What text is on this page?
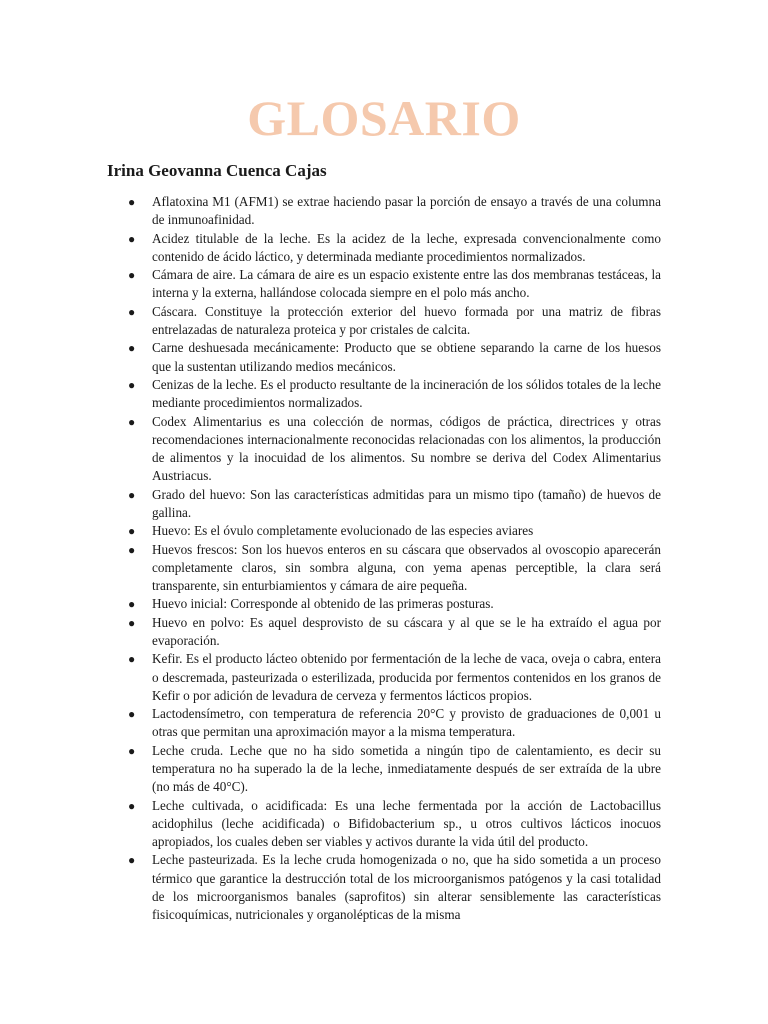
GLOSARIO
Irina Geovanna Cuenca Cajas
● Aflatoxina M1 (AFM1) se extrae haciendo pasar la porción de ensayo a través de una columna de inmunoafinidad.
● Acidez titulable de la leche. Es la acidez de la leche, expresada convencionalmente como contenido de ácido láctico, y determinada mediante procedimientos normalizados.
● Cámara de aire. La cámara de aire es un espacio existente entre las dos membranas testáceas, la interna y la externa, hallándose colocada siempre en el polo más ancho.
● Cáscara. Constituye la protección exterior del huevo formada por una matriz de fibras entrelazadas de naturaleza proteica y por cristales de calcita.
● Carne deshuesada mecánicamente: Producto que se obtiene separando la carne de los huesos que la sustentan utilizando medios mecánicos.
● Cenizas de la leche. Es el producto resultante de la incineración de los sólidos totales de la leche mediante procedimientos normalizados.
● Codex Alimentarius es una colección de normas, códigos de práctica, directrices y otras recomendaciones internacionalmente reconocidas relacionadas con los alimentos, la producción de alimentos y la inocuidad de los alimentos. Su nombre se deriva del Codex Alimentarius Austriacus.
● Grado del huevo: Son las características admitidas para un mismo tipo (tamaño) de huevos de gallina.
● Huevo: Es el óvulo completamente evolucionado de las especies aviares
● Huevos frescos: Son los huevos enteros en su cáscara que observados al ovoscopio aparecerán completamente claros, sin sombra alguna, con yema apenas perceptible, la clara será transparente, sin enturbiamientos y cámara de aire pequeña.
● Huevo inicial: Corresponde al obtenido de las primeras posturas.
● Huevo en polvo: Es aquel desprovisto de su cáscara y al que se le ha extraído el agua por evaporación.
● Kefir. Es el producto lácteo obtenido por fermentación de la leche de vaca, oveja o cabra, entera o descremada, pasteurizada o esterilizada, producida por fermentos contenidos en los granos de Kefir o por adición de levadura de cerveza y fermentos lácticos propios.
● Lactodensímetro, con temperatura de referencia 20°C y provisto de graduaciones de 0,001 u otras que permitan una aproximación mayor a la misma temperatura.
● Leche cruda. Leche que no ha sido sometida a ningún tipo de calentamiento, es decir su temperatura no ha superado la de la leche, inmediatamente después de ser extraída de la ubre (no más de 40°C).
● Leche cultivada, o acidificada: Es una leche fermentada por la acción de Lactobacillus acidophilus (leche acidificada) o Bifidobacterium sp., u otros cultivos lácticos inocuos apropiados, los cuales deben ser viables y activos durante la vida útil del producto.
● Leche pasteurizada. Es la leche cruda homogenizada o no, que ha sido sometida a un proceso térmico que garantice la destrucción total de los microorganismos patógenos y la casi totalidad de los microorganismos banales (saprofitos) sin alterar sensiblemente las características fisicoquímicas, nutricionales y organolépticas de la misma
